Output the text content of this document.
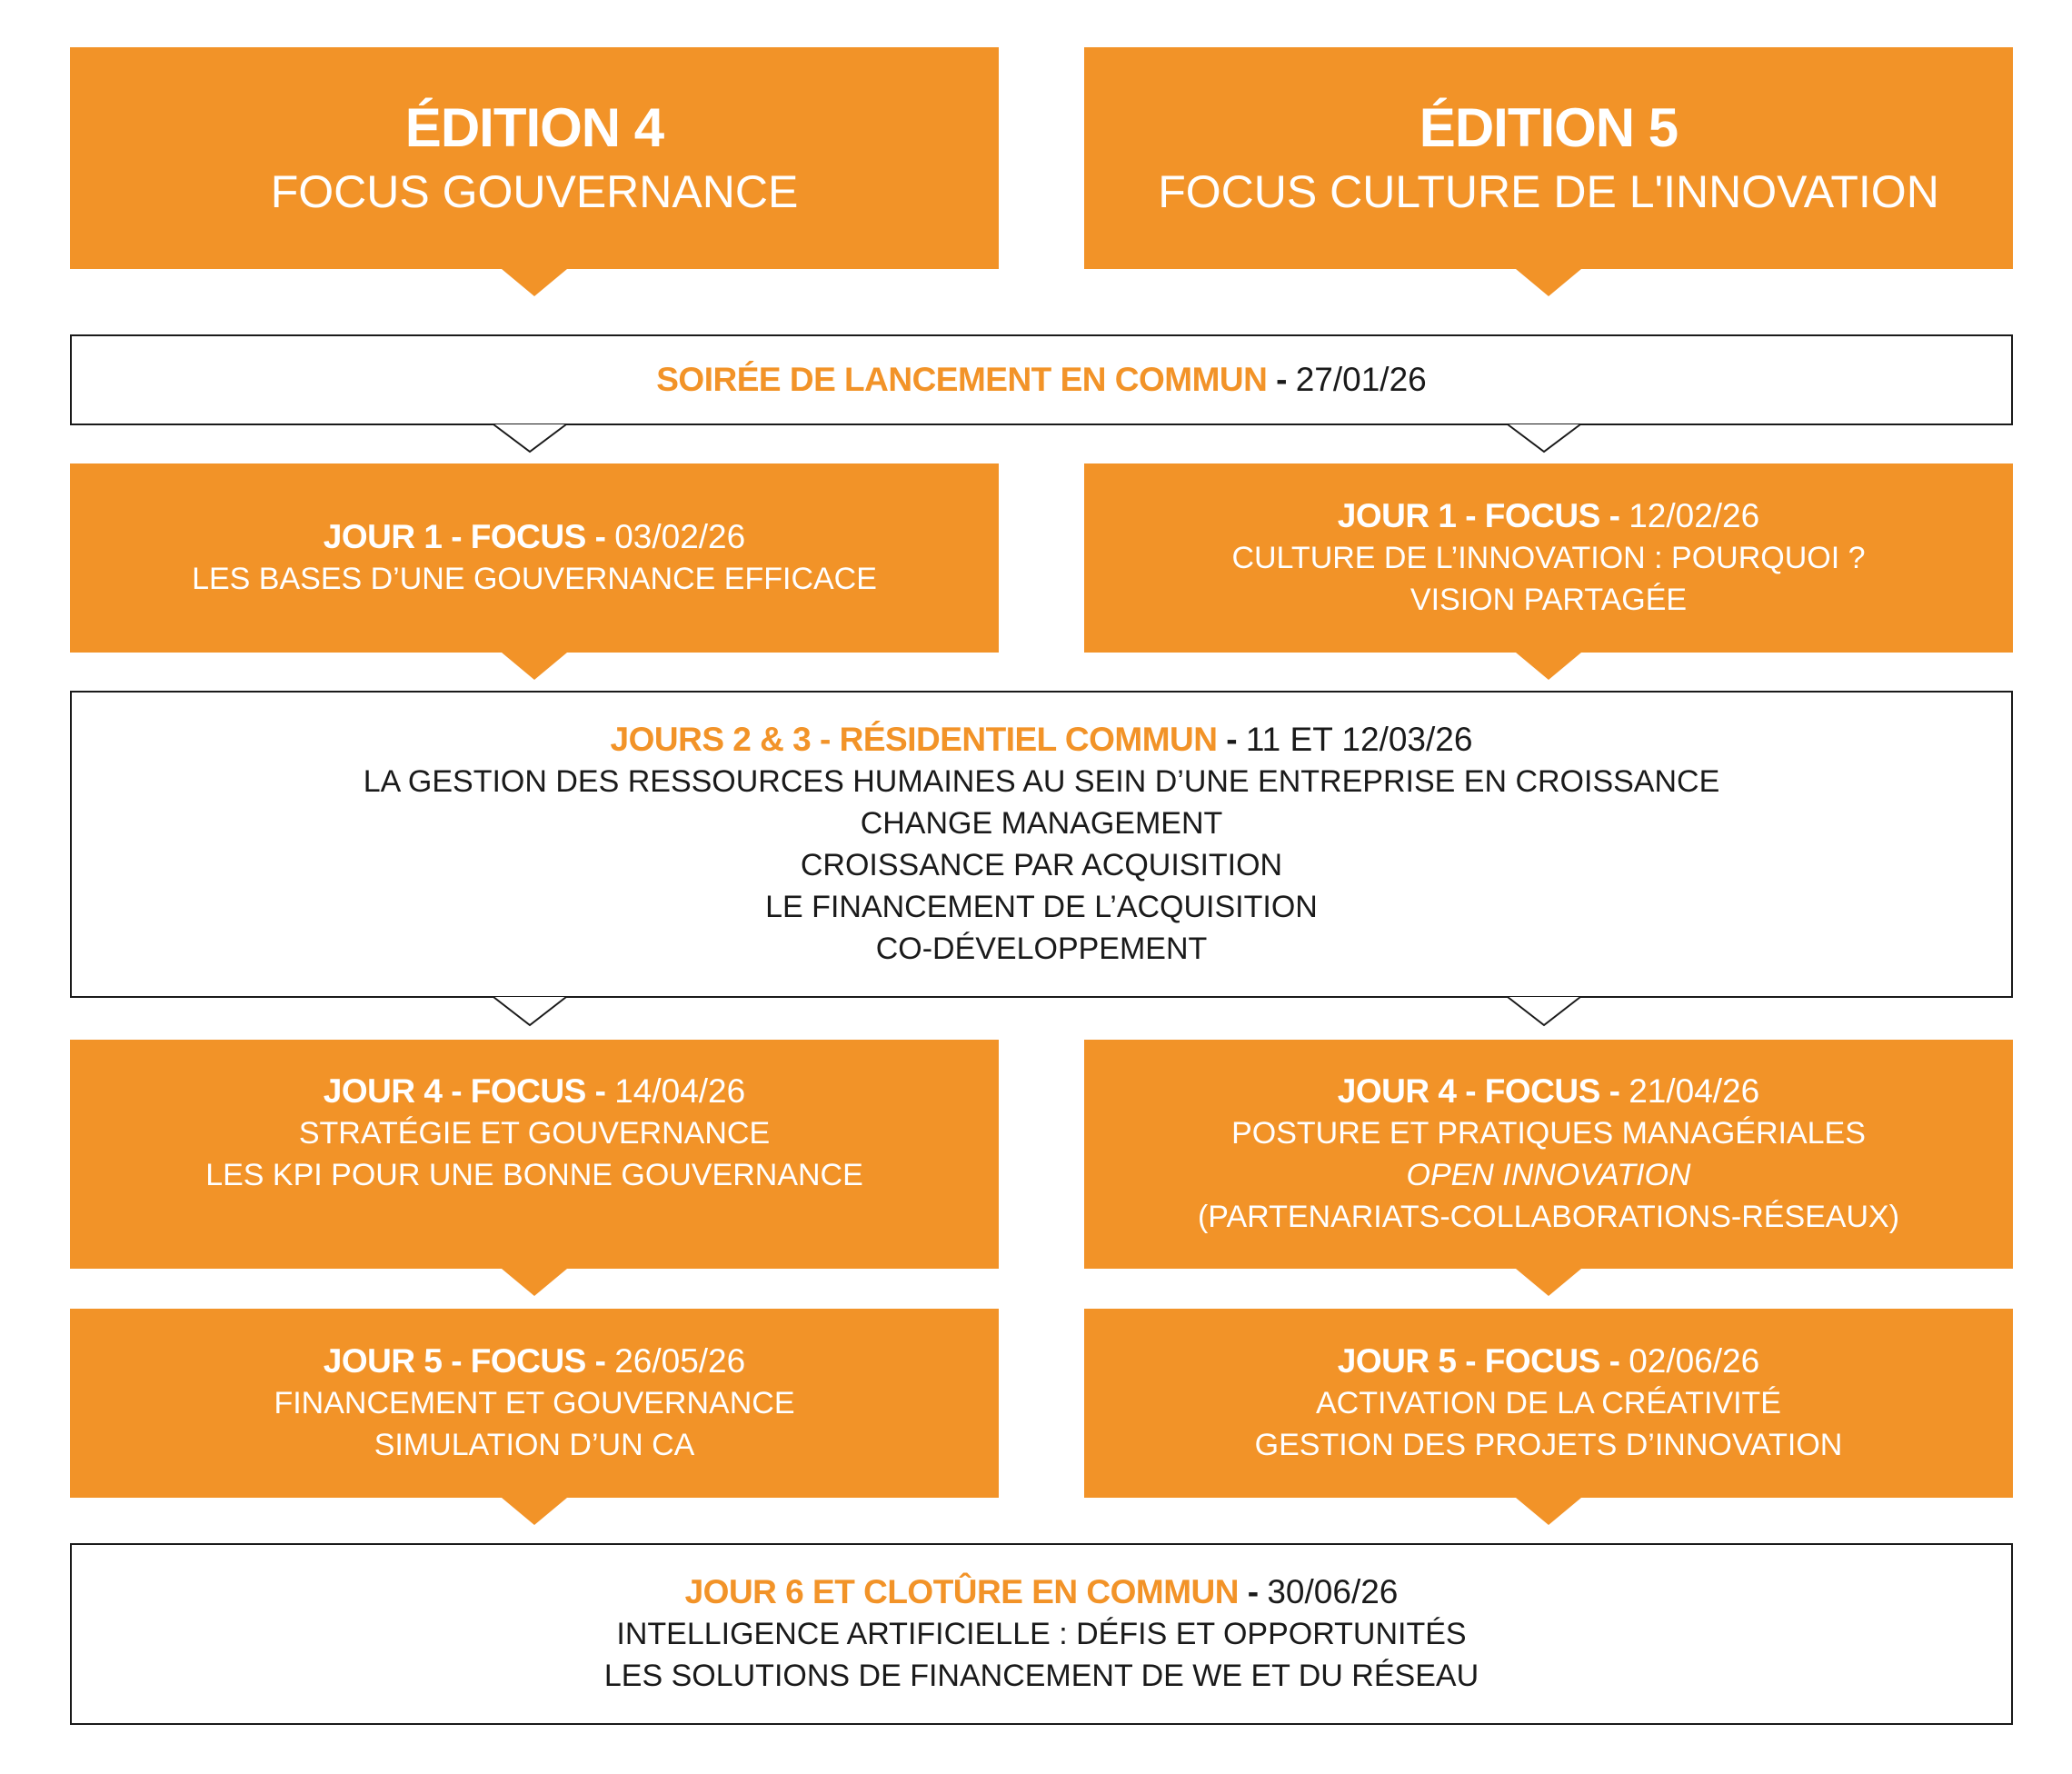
ÉDITION 4
FOCUS GOUVERNANCE
ÉDITION 5
FOCUS CULTURE DE L'INNOVATION
SOIRÉE DE LANCEMENT EN COMMUN - 27/01/26
JOUR 1 - FOCUS - 03/02/26
LES BASES D’UNE GOUVERNANCE EFFICACE
JOUR 1 - FOCUS - 12/02/26
CULTURE DE L’INNOVATION : POURQUOI ?
VISION PARTAGÉE
JOURS 2 & 3 - RÉSIDENTIEL COMMUN - 11 ET 12/03/26
LA GESTION DES RESSOURCES HUMAINES AU SEIN D’UNE ENTREPRISE EN CROISSANCE
CHANGE MANAGEMENT
CROISSANCE PAR ACQUISITION
LE FINANCEMENT DE L’ACQUISITION
CO-DÉVELOPPEMENT
JOUR 4 - FOCUS - 14/04/26
STRATÉGIE ET GOUVERNANCE
LES KPI POUR UNE BONNE GOUVERNANCE
JOUR 4 - FOCUS - 21/04/26
POSTURE ET PRATIQUES MANAGÉRIALES
OPEN INNOVATION
(PARTENARIATS-COLLABORATIONS-RÉSEAUX)
JOUR 5 - FOCUS - 26/05/26
FINANCEMENT ET GOUVERNANCE
SIMULATION D’UN CA
JOUR 5 - FOCUS - 02/06/26
ACTIVATION DE LA CRÉATIVITÉ
GESTION DES PROJETS D’INNOVATION
JOUR 6 ET CLOTÛRE EN COMMUN - 30/06/26
INTELLIGENCE ARTIFICIELLE : DÉFIS ET OPPORTUNITÉS
LES SOLUTIONS DE FINANCEMENT DE WE ET DU RÉSEAU
